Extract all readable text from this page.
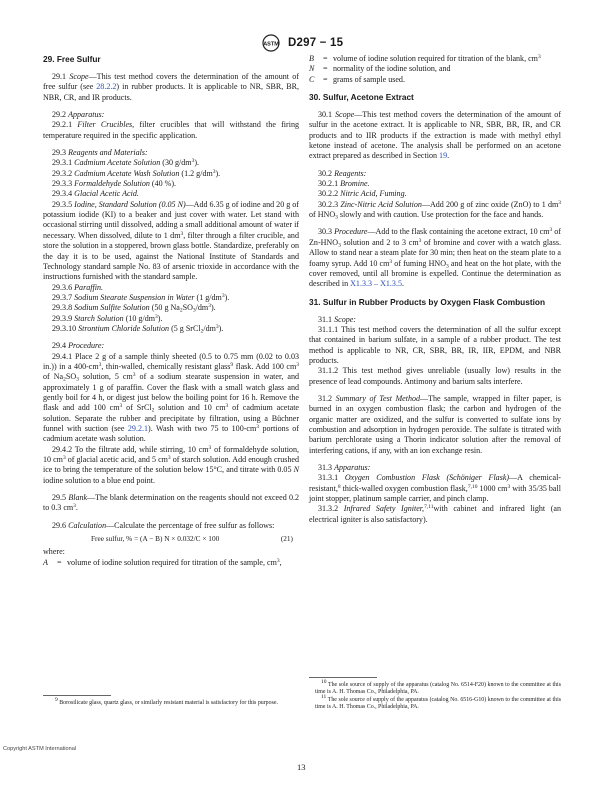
ASTM D297 − 15

29. Free Sulfur

29.1 Scope—This test method covers the determination of the amount of free sulfur (see 28.2.2) in rubber products. It is applicable to NR, SBR, BR, NBR, CR, and IR products.

29.2 Apparatus:

29.2.1 Filter Crucibles, filter crucibles that will withstand the firing temperature required in the specific application.

29.3 Reagents and Materials:

29.3.1 Cadmium Acetate Solution (30 $g/dm^3$).

29.3.2 Cadmium Acetate Wash Solution (1.2 $g/dm^3$).

29.3.3 Formaldehyde Solution (40 %).

29.3.4 Glacial Acetic Acid.

29.3.5 Iodine, Standard Solution (0.05 N)—Add 6.35 g of iodine and 20 g of potassium iodide (KI) to a beaker and just cover with water. Let stand with occasional stirring until dissolved, adding a small additional amount of water if necessary. When dissolved, dilute to 1 $dm^3$, filter through a filter crucible, and store the solution in a stoppered, brown glass bottle. Standardize, preferably on the day it is to be used, against the National Institute of Standards and Technology standard sample No. 83 of arsenic trioxide in accordance with the instructions furnished with the standard sample.

29.3.6 Paraffin.

29.3.7 Sodium Stearate Suspension in Water (1 $g/dm^3$).

29.3.8 Sodium Sulfite Solution (50 g $Na_2SO_3/dm^3$).

29.3.9 Starch Solution (10 $g/dm^3$).

29.3.10 Strontium Chloride Solution (5 g $SrCl_2/dm^3$).

29.4 Procedure:

29.4.1 Place 2 g of a sample thinly sheeted (0.5 to 0.75 mm (0.02 to 0.03 in.)) in a $400-cm^3$, thin-walled, chemically resistant glass$^9$ flask. Add 100 $cm^3$ of $Na_2SO_3$ solution, 5 $cm^3$ of a sodium stearate suspension in water, and approximately 1 g of paraffin. Cover the flask with a small watch glass and gently boil for 4 h, or digest just below the boiling point for 16 h. Remove the flask and add 100 $cm^3$ of SrCl$_2$ solution and 10 $cm^3$ of cadmium acetate solution. Separate the rubber and precipitate by filtration, using a Büchner funnel with suction (see 29.2.1). Wash with two 75 to $100-cm^3$ portions of cadmium acetate wash solution.

29.4.2 To the filtrate add, while stirring, 10 $cm^3$ of formaldehyde solution, 10 $cm^3$ of glacial acetic acid, and 5 $cm^3$ of starch solution. Add enough crushed ice to bring the temperature of the solution below 15°C, and titrate with 0.05 N iodine solution to a blue end point.

29.5 Blank—The blank determination on the reagents should not exceed 0.2 to 0.3 $cm^3$.

29.6 Calculation—Calculate the percentage of free sulfur as follows:

Free sulfur, % = (A − B) N × 0.032/C × 100	(21)

where:

A	= volume of iodine solution required for titration of the sample, $cm^3$,
B	= volume of iodine solution required for titration of the blank, $cm^3$
N	= normality of the iodine solution, and
C	= grams of sample used.

30. Sulfur, Acetone Extract

30.1 Scope—This test method covers the determination of the amount of sulfur in the acetone extract. It is applicable to NR, SBR, BR, IR, and CR products and to IIR products if the extraction is made with methyl ethyl ketone instead of acetone. The analysis shall be performed on an acetone extract prepared as described in Section 19.

30.2 Reagents:

30.2.1 Bromine.

30.2.2 Nitric Acid, Fuming.

30.2.3 Zinc-Nitric Acid Solution—Add 200 g of zinc oxide (ZnO) to 1 $dm^3$ of $HNO_3$ slowly and with caution. Use protection for the face and hands.

30.3 Procedure—Add to the flask containing the acetone extract, 10 $cm^3$ of $Zn-HNO_3$ solution and 2 to 3 $cm^3$ of bromine and cover with a watch glass. Allow to stand near a steam plate for 30 min; then heat on the steam plate to a foamy syrup. Add 10 $cm^3$ of fuming $HNO_3$ and heat on the hot plate, with the cover removed, until all bromine is expelled. Continue the determination as described in X1.3.3 – X1.3.5.

31. Sulfur in Rubber Products by Oxygen Flask Combustion

31.1 Scope:

31.1.1 This test method covers the determination of all the sulfur except that contained in barium sulfate, in a sample of a rubber product. The test method is applicable to NR, CR, SBR, BR, IR, IIR, EPDM, and NBR products.

31.1.2 This test method gives unreliable (usually low) results in the presence of lead compounds. Antimony and barium salts interfere.

31.2 Summary of Test Method—The sample, wrapped in filter paper, is burned in an oxygen combustion flask; the carbon and hydrogen of the organic matter are oxidized, and the sulfur is converted to sulfate ions by combustion and adsorption in hydrogen peroxide. The sulfate is titrated with barium perchlorate using a Thorin indicator solution after the removal of interfering cations, if any, with an ion exchange resin.

31.3 Apparatus:

31.3.1 Oxygen Combustion Flask (Schöniger Flask)—A chemical-resistant,$^8$ thick-walled oxygen combustion flask,$^{7,10}$ 1000 $cm^3$ with 35/35 ball joint stopper, platinum sample carrier, and pinch clamp.

31.3.2 Infrared Safety Igniter,$^{7,11}$with cabinet and infrared light (an electrical igniter is also satisfactory).

$^9$ Borosilicate glass, quartz glass, or similarly resistant material is satisfactory for this purpose.

$^{10}$ The sole source of supply of the apparatus (catalog No. 6514-F20) known to the committee at this time is A. H. Thomas Co., Philadelphia, PA.

$^{11}$ The sole source of supply of the apparatus (catalog No. 6516-G10) known to the committee at this time is A. H. Thomas Co., Philadelphia, PA.

Copyright ASTM International
13
